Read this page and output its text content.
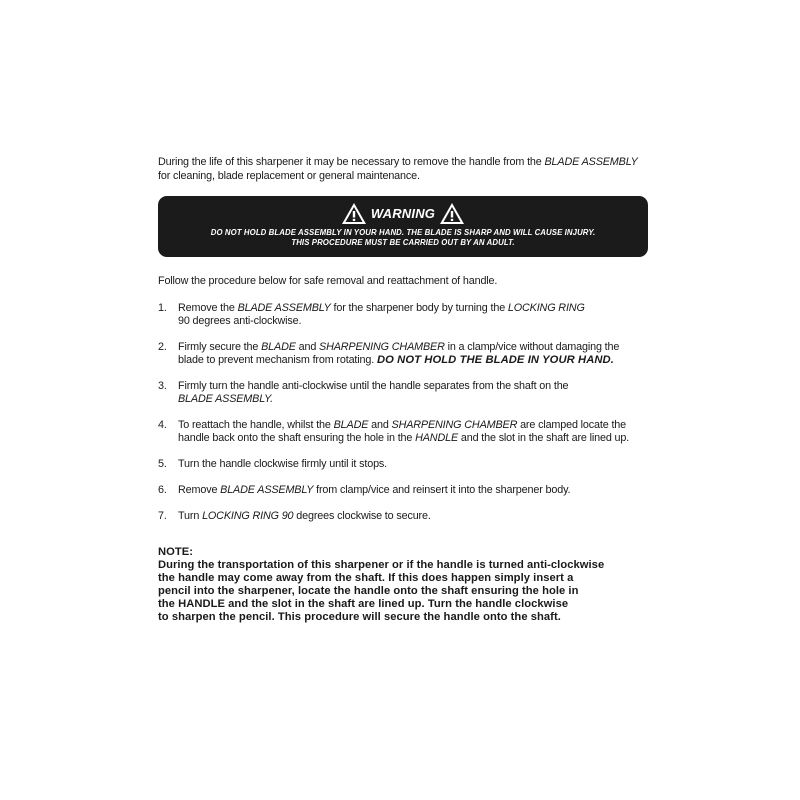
During the life of this sharpener it may be necessary to remove the handle from the BLADE ASSEMBLY
for cleaning, blade replacement or general maintenance.

WARNING
DO NOT HOLD BLADE ASSEMBLY IN YOUR HAND. THE BLADE IS SHARP AND WILL CAUSE INJURY.
THIS PROCEDURE MUST BE CARRIED OUT BY AN ADULT.
Follow the procedure below for safe removal and reattachment of handle.
1. Remove the BLADE ASSEMBLY for the sharpener body by turning the LOCKING RING
90 degrees anti-clockwise.
2. Firmly secure the BLADE and SHARPENING CHAMBER in a clamp/vice without damaging the
blade to prevent mechanism from rotating. DO NOT HOLD THE BLADE IN YOUR HAND.
3. Firmly turn the handle anti-clockwise until the handle separates from the shaft on the
BLADE ASSEMBLY.
4. To reattach the handle, whilst the BLADE and SHARPENING CHAMBER are clamped locate the
handle back onto the shaft ensuring the hole in the HANDLE and the slot in the shaft are lined up.
5. Turn the handle clockwise firmly until it stops.
6. Remove BLADE ASSEMBLY from clamp/vice and reinsert it into the sharpener body.
7. Turn LOCKING RING 90 degrees clockwise to secure.
NOTE:
During the transportation of this sharpener or if the handle is turned anti-clockwise
the handle may come away from the shaft. If this does happen simply insert a
pencil into the sharpener, locate the handle onto the shaft ensuring the hole in
the HANDLE and the slot in the shaft are lined up. Turn the handle clockwise
to sharpen the pencil. This procedure will secure the handle onto the shaft.
